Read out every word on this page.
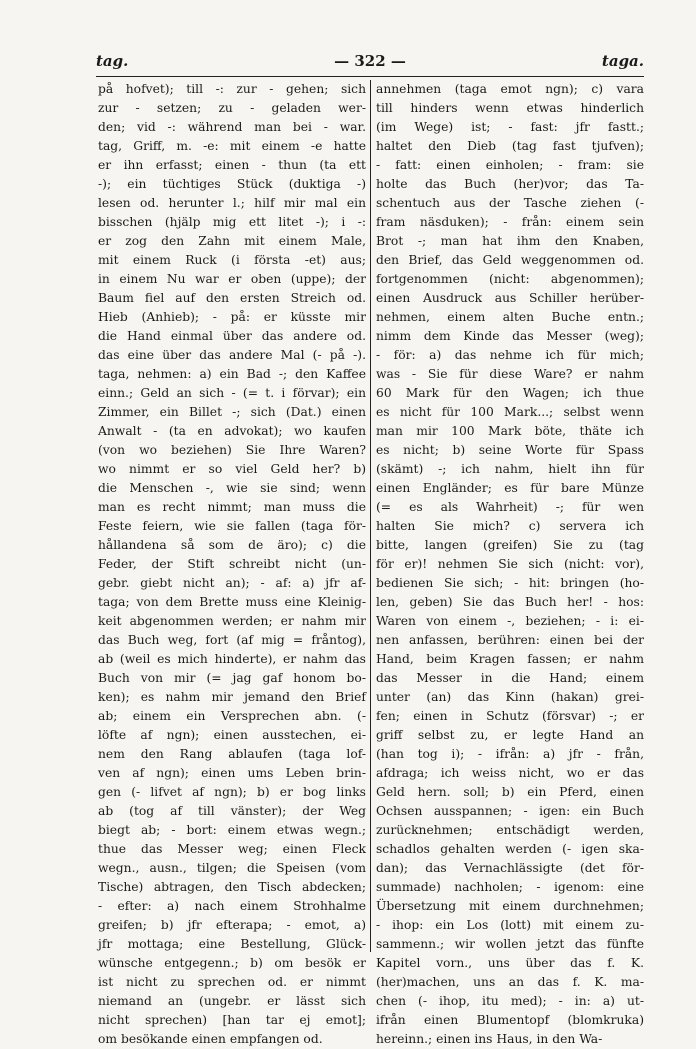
tag.	— 322 —	taga.
på hofvet); till -: zur - gehen; sich
zur - setzen; zu - geladen wer-
den; vid -: während man bei - war.
tag, Griff, m. -e: mit einem -e hatte
er ihn erfasst; einen - thun (ta ett
-); ein tüchtiges Stück (duktiga -)
lesen od. herunter l.; hilf mir mal ein
bisschen (hjälp mig ett litet -); i -:
er zog den Zahn mit einem Male,
mit einem Ruck (i första -et) aus;
in einem Nu war er oben (uppe); der
Baum fiel auf den ersten Streich od.
Hieb (Anhieb); - på: er küsste mir
die Hand einmal über das andere od.
das eine über das andere Mal (- på -).
taga, nehmen: a) ein Bad -; den Kaffee
einn.; Geld an sich - (= t. i förvar); ein
Zimmer, ein Billet -; sich (Dat.) einen
Anwalt - (ta en advokat); wo kaufen
(von wo beziehen) Sie Ihre Waren?
wo nimmt er so viel Geld her? b)
die Menschen -, wie sie sind; wenn
man es recht nimmt; man muss die
Feste feiern, wie sie fallen (taga för-
hållandena så som de äro); c) die
Feder, der Stift schreibt nicht (un-
gebr. giebt nicht an); - af: a) jfr af-
taga; von dem Brette muss eine Kleinig-
keit abgenommen werden; er nahm mir
das Buch weg, fort (af mig = fråntog),
ab (weil es mich hinderte), er nahm das
Buch von mir (= jag gaf honom bo-
ken); es nahm mir jemand den Brief
ab; einem ein Versprechen abn. (-
löfte af ngn); einen ausstechen, ei-
nem den Rang ablaufen (taga lof-
ven af ngn); einen ums Leben brin-
gen (- lifvet af ngn); b) er bog links
ab (tog af till vänster); der Weg
biegt ab; - bort: einem etwas wegn.;
thue das Messer weg; einen Fleck
wegn., ausn., tilgen; die Speisen (vom
Tische) abtragen, den Tisch abdecken;
- efter: a) nach einem Strohhalme
greifen; b) jfr efterapa; - emot, a)
jfr mottaga; eine Bestellung, Glück-
wünsche entgegenn.; b) om besök er
ist nicht zu sprechen od. er nimmt
niemand an (ungebr. er lässt sich
nicht sprechen) [han tar ej emot];
om besökande einen empfangen od.
annehmen (taga emot ngn); c) vara
till hinders wenn etwas hinderlich
(im Wege) ist; - fast: jfr fastt.;
haltet den Dieb (tag fast tjufven);
- fatt: einen einholen; - fram: sie
holte das Buch (her)vor; das Ta-
schentuch aus der Tasche ziehen (-
fram näsduken); - från: einem sein
Brot -; man hat ihm den Knaben,
den Brief, das Geld weggenommen od.
fortgenommen (nicht: abgenommen);
einen Ausdruck aus Schiller herüber-
nehmen, einem alten Buche entn.;
nimm dem Kinde das Messer (weg);
- för: a) das nehme ich für mich;
was - Sie für diese Ware? er nahm
60 Mark für den Wagen; ich thue
es nicht für 100 Mark...; selbst wenn
man mir 100 Mark böte, thäte ich
es nicht; b) seine Worte für Spass
(skämt) -; ich nahm, hielt ihn für
einen Engländer; es für bare Münze
(= es als Wahrheit) -; für wen
halten Sie mich? c) servera ich
bitte, langen (greifen) Sie zu (tag
för er)! nehmen Sie sich (nicht: vor),
bedienen Sie sich; - hit: bringen (ho-
len, geben) Sie das Buch her! - hos:
Waren von einem -, beziehen; - i: ei-
nen anfassen, berühren: einen bei der
Hand, beim Kragen fassen; er nahm
das Messer in die Hand; einem
unter (an) das Kinn (hakan) grei-
fen; einen in Schutz (försvar) -; er
griff selbst zu, er legte Hand an
(han tog i); - ifrån: a) jfr - från,
afdraga; ich weiss nicht, wo er das
Geld hern. soll; b) ein Pferd, einen
Ochsen ausspannen; - igen: ein Buch
zurücknehmen; entschädigt werden,
schadlos gehalten werden (- igen ska-
dan); das Vernachlässigte (det för-
summade) nachholen; - igenom: eine
Übersetzung mit einem durchnehmen;
- ihop: ein Los (lott) mit einem zu-
sammenn.; wir wollen jetzt das fünfte
Kapitel vorn., uns über das f. K.
(her)machen, uns an das f. K. ma-
chen (- ihop, itu med); - in: a) ut-
ifrån einen Blumentopf (blomkruka)
hereinn.; einen ins Haus, in den Wa-
